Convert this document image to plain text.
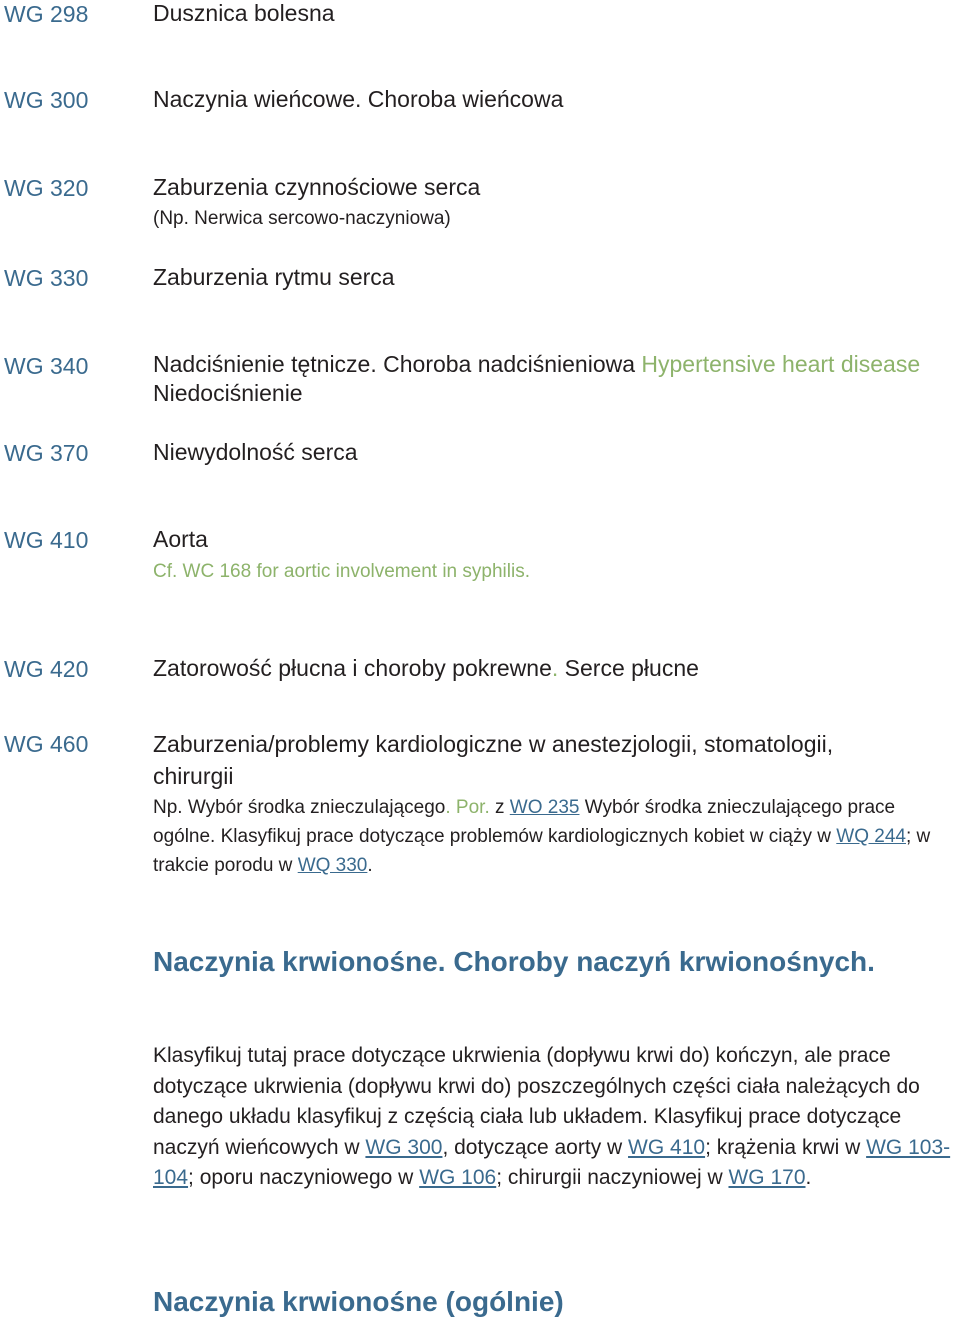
WG 298	Dusznica bolesna
WG 300	Naczynia wieńcowe. Choroba wieńcowa
WG 320	Zaburzenia czynnościowe serca
(Np. Nerwica sercowo-naczyniowa)
WG 330	Zaburzenia rytmu serca
WG 340	Nadciśnienie tętnicze. Choroba nadciśnieniowa Hypertensive heart disease Niedociśnienie
WG 370	Niewydolność serca
WG 410	Aorta
Cf. WC 168 for aortic involvement in syphilis.
WG 420	Zatorowość płucna i choroby pokrewne. Serce płucne
WG 460	Zaburzenia/problemy kardiologiczne w anestezjologii, stomatologii, chirurgii
Np. Wybór środka znieczulającego. Por. z WO 235 Wybór środka znieczulającego prace ogólne. Klasyfikuj prace dotyczące problemów kardiologicznych kobiet w ciąży w WQ 244; w trakcie porodu w WQ 330.
Naczynia krwionośne. Choroby naczyń krwionośnych.
Klasyfikuj tutaj prace dotyczące ukrwienia (dopływu krwi do) kończyn, ale prace dotyczące ukrwienia (dopływu krwi do) poszczególnych części ciała należących do danego układu klasyfikuj z częścią ciała lub układem. Klasyfikuj prace dotyczące naczyń wieńcowych w WG 300, dotyczące aorty w WG 410; krążenia krwi w WG 103-104; oporu naczyniowego w WG 106; chirurgii naczyniowej w WG 170.
Naczynia krwionośne (ogólnie)
